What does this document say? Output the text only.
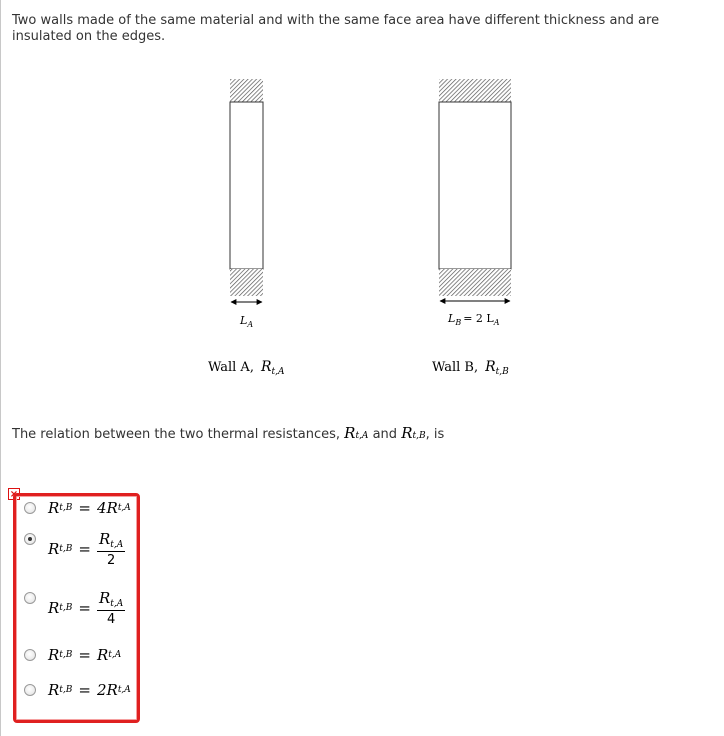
Two walls made of the same material and with the same face area have different thickness and are insulated on the edges.
$L_A$
Wall A, $R_{t,A}$
$L_B = 2$ $L_A$
Wall B, $R_{t,B}$
The relation between the two thermal resistances, Rt,A and Rt,B, is
×
R t,B = 4R t,A
R $t,B = \frac{R_{t,A}}{2}$
R $t,B = \frac{R_{t,A}}{4}$
R t,B = R t,A
R t,B = 2R t,A
